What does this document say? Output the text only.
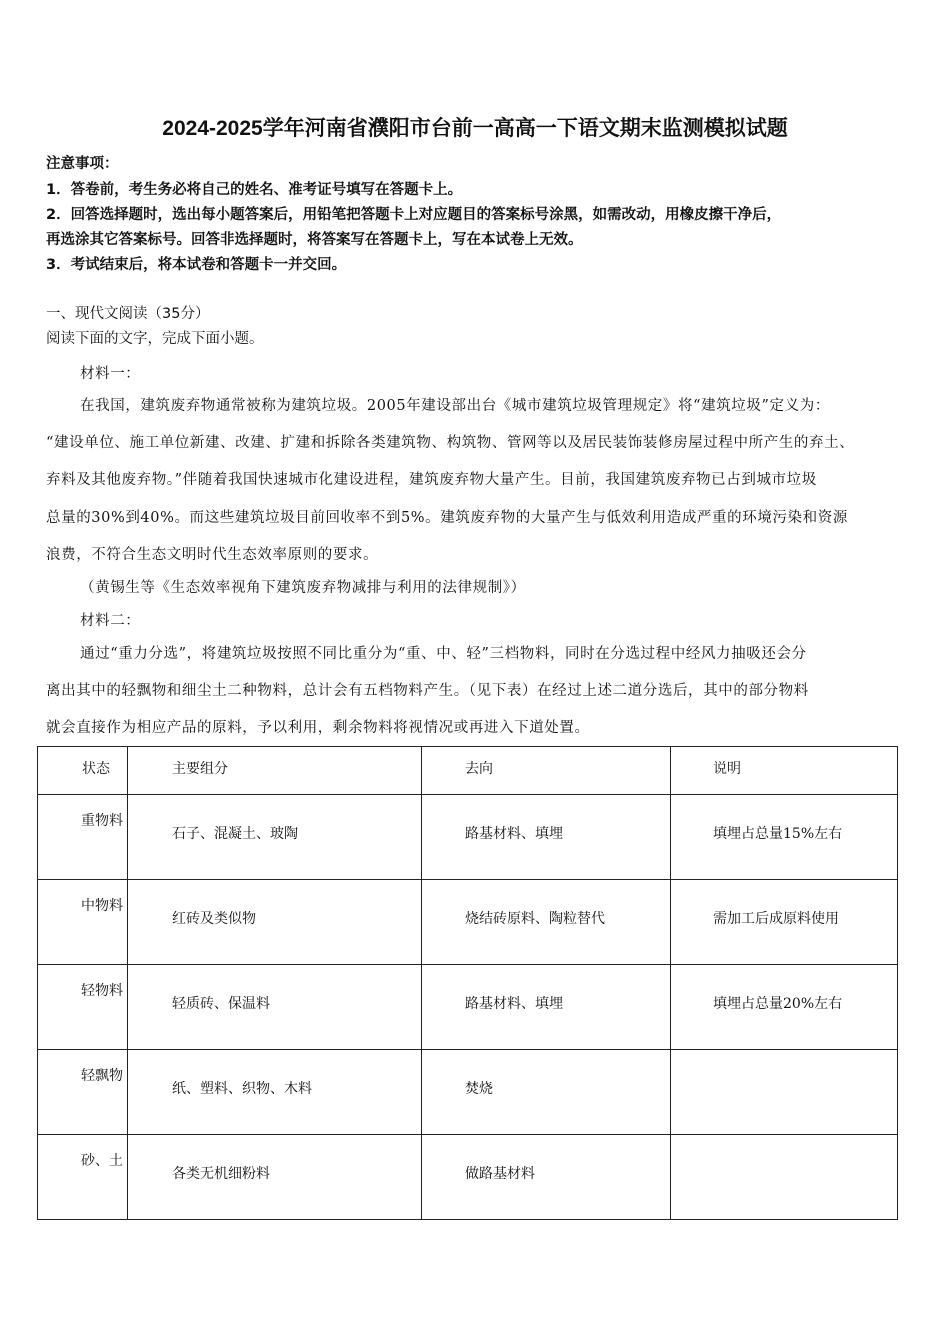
2024-2025学年河南省濮阳市台前一高高一下语文期末监测模拟试题
注意事项：
1．答卷前，考生务必将自己的姓名、准考证号填写在答题卡上。
2．回答选择题时，选出每小题答案后，用铅笔把答题卡上对应题目的答案标号涂黑，如需改动，用橡皮擦干净后，
再选涂其它答案标号。回答非选择题时，将答案写在答题卡上，写在本试卷上无效。
3．考试结束后，将本试卷和答题卡一并交回。
一、现代文阅读（35分）
阅读下面的文字，完成下面小题。
材料一：
在我国，建筑废弃物通常被称为建筑垃圾。2005年建设部出台《城市建筑垃圾管理规定》将“建筑垃圾”定义为：
“建设单位、施工单位新建、改建、扩建和拆除各类建筑物、构筑物、管网等以及居民装饰装修房屋过程中所产生的弃土、
弃料及其他废弃物。”伴随着我国快速城市化建设进程，建筑废弃物大量产生。目前，我国建筑废弃物已占到城市垃圾
总量的30%到40%。而这些建筑垃圾目前回收率不到5%。建筑废弃物的大量产生与低效利用造成严重的环境污染和资源
浪费，不符合生态文明时代生态效率原则的要求。
（黄锡生等《生态效率视角下建筑废弃物减排与利用的法律规制》）
材料二：
通过“重力分选”，将建筑垃圾按照不同比重分为“重、中、轻”三档物料，同时在分选过程中经风力抽吸还会分
离出其中的轻飘物和细尘土二种物料，总计会有五档物料产生。（见下表）在经过上述二道分选后，其中的部分物料
就会直接作为相应产品的原料，予以利用，剩余物料将视情况或再进入下道处置。
状态	主要组分	去向	说明

重物料	石子、混凝土、玻陶	路基材料、填埋	填埋占总量15%左右

中物料	红砖及类似物	烧结砖原料、陶粒替代	需加工后成原料使用

轻物料	轻质砖、保温料	路基材料、填埋	填埋占总量20%左右

轻飘物	纸、塑料、织物、木料	焚烧	

砂、土	各类无机细粉料	做路基材料	
